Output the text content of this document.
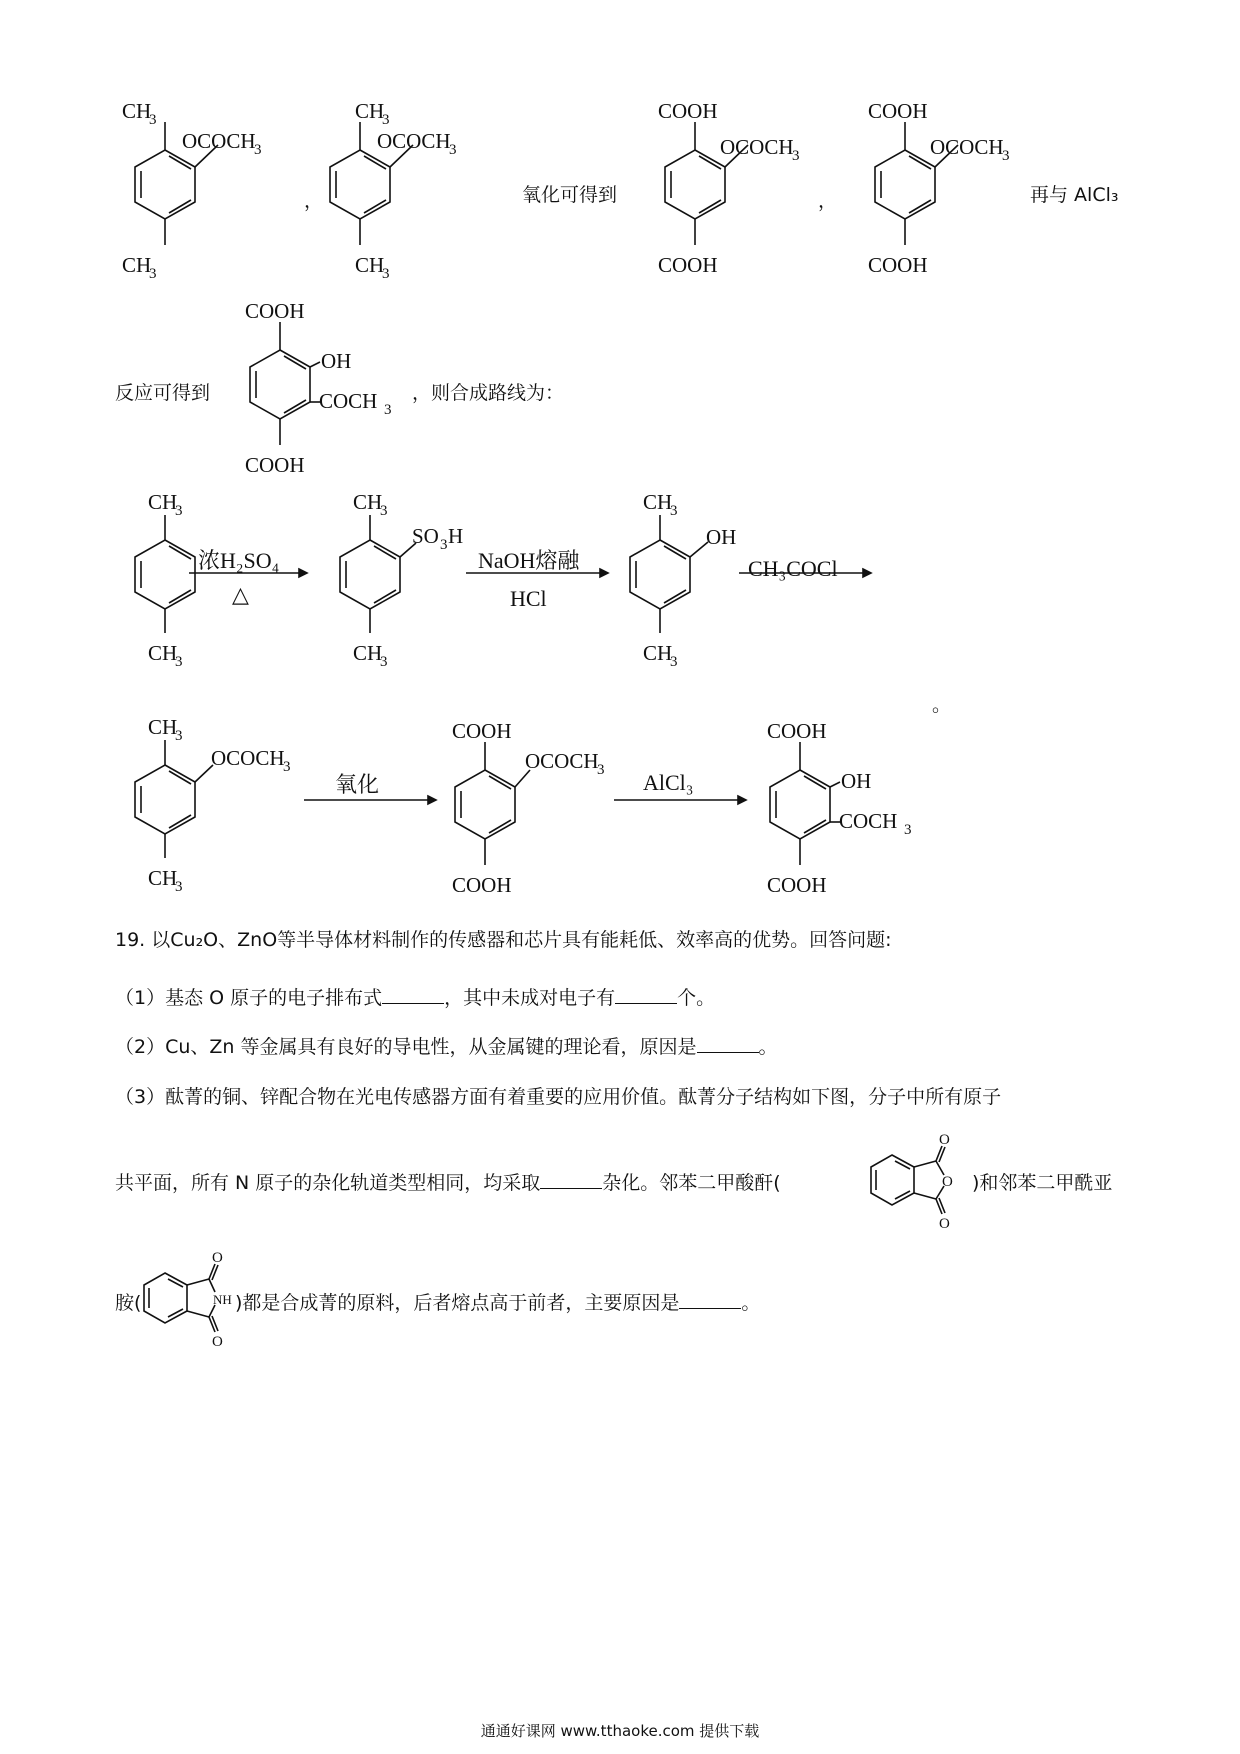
CH
3
CH
3
OCOCH
3
，
CH
3
CH
3
OCOCH
3
氧化可得到
COOH
COOH
OCOCH
3
，
COOH
COOH
OCOCH
3
再与 AlCl₃
反应可得到
COOH
COOH
OH
COCH 3
，则合成路线为：
CH
3
CH
3
浓H₂SO₄
△
CH
3
CH
3
SO 3 H
NaOH熔融
HCl
CH
3
CH
3
OH
CH₃COCl
。
CH
3
CH
3
OCOCH
3
氧化
COOH
COOH
OCOCH
3 AlCl₃
COOH
COOH
OH
COCH 3
19. 以Cu₂O、ZnO等半导体材料制作的传感器和芯片具有能耗低、效率高的优势。回答问题:
（1）基态 O 原子的电子排布式	，其中未成对电子有	个。
（2）Cu、Zn 等金属具有良好的导电性，从金属键的理论看，原因是	。
（3）酞菁的铜、锌配合物在光电传感器方面有着重要的应用价值。酞菁分子结构如下图，分子中所有原子
共平面，所有 N 原子的杂化轨道类型相同，均采取	杂化。邻苯二甲酸酐(
O
O
O
)和邻苯二甲酰亚
胺(
O
NH
O
)都是合成菁的原料，后者熔点高于前者，主要原因是	。
通通好课网 www.tthaoke.com 提供下载
